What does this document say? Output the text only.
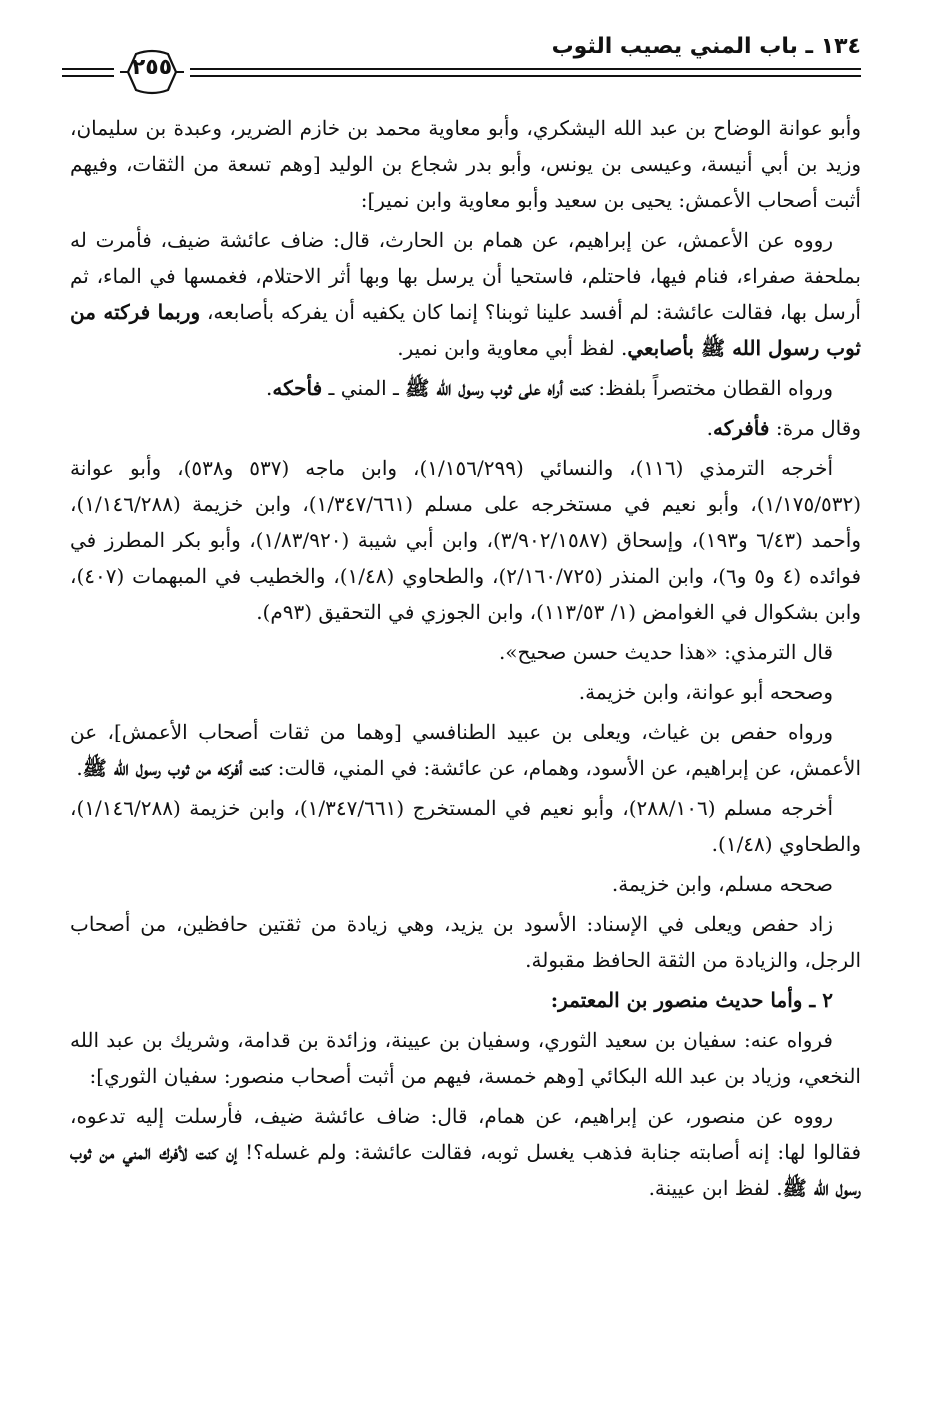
١٣٤ ـ باب المني يصيب الثوب
٢٥٥

وأبو عوانة الوضاح بن عبد الله اليشكري، وأبو معاوية محمد بن خازم الضرير، وعبدة بن سليمان، وزيد بن أبي أنيسة، وعيسى بن يونس، وأبو بدر شجاع بن الوليد [وهم تسعة من الثقات، وفيهم أثبت أصحاب الأعمش: يحيى بن سعيد وأبو معاوية وابن نمير]:

رووه عن الأعمش، عن إبراهيم، عن همام بن الحارث، قال: ضاف عائشة ضيف، فأمرت له بملحفة صفراء، فنام فيها، فاحتلم، فاستحيا أن يرسل بها وبها أثر الاحتلام، فغمسها في الماء، ثم أرسل بها، فقالت عائشة: لم أفسد علينا ثوبنا؟ إنما كان يكفيه أن يفركه بأصابعه، وربما فركته من ثوب رسول الله ﷺ بأصابعي. لفظ أبي معاوية وابن نمير.

ورواه القطان مختصراً بلفظ: كنت أراه على ثوب رسول الله ﷺ ـ المني ـ فأحكه.

وقال مرة: فأفركه.

أخرجه الترمذي (١١٦)، والنسائي (١/١٥٦/٢٩٩)، وابن ماجه (٥٣٧ و٥٣٨)، وأبو عوانة (١/١٧٥/٥٣٢)، وأبو نعيم في مستخرجه على مسلم (١/٣٤٧/٦٦١)، وابن خزيمة (١/١٤٦/٢٨٨)، وأحمد (٦/٤٣ و١٩٣)، وإسحاق (٣/٩٠٢/١٥٨٧)، وابن أبي شيبة (١/٨٣/٩٢٠)، وأبو بكر المطرز في فوائده (٤ و٥ و٦)، وابن المنذر (٢/١٦٠/٧٢٥)، والطحاوي (١/٤٨)، والخطيب في المبهمات (٤٠٧)، وابن بشكوال في الغوامض (١/ ١١٣/٥٣)، وابن الجوزي في التحقيق (٩٣م).

قال الترمذي: «هذا حديث حسن صحيح».

وصححه أبو عوانة، وابن خزيمة.

ورواه حفص بن غياث، ويعلى بن عبيد الطنافسي [وهما من ثقات أصحاب الأعمش]، عن الأعمش، عن إبراهيم، عن الأسود، وهمام، عن عائشة: في المني، قالت: كنت أفركه من ثوب رسول الله ﷺ.

أخرجه مسلم (٢٨٨/١٠٦)، وأبو نعيم في المستخرج (١/٣٤٧/٦٦١)، وابن خزيمة (١/١٤٦/٢٨٨)، والطحاوي (١/٤٨).

صححه مسلم، وابن خزيمة.

زاد حفص ويعلى في الإسناد: الأسود بن يزيد، وهي زيادة من ثقتين حافظين، من أصحاب الرجل، والزيادة من الثقة الحافظ مقبولة.

٢ ـ وأما حديث منصور بن المعتمر:

فرواه عنه: سفيان بن سعيد الثوري، وسفيان بن عيينة، وزائدة بن قدامة، وشريك بن عبد الله النخعي، وزياد بن عبد الله البكائي [وهم خمسة، فيهم من أثبت أصحاب منصور: سفيان الثوري]:

رووه عن منصور، عن إبراهيم، عن همام، قال: ضاف عائشة ضيف، فأرسلت إليه تدعوه، فقالوا لها: إنه أصابته جنابة فذهب يغسل ثوبه، فقالت عائشة: ولم غسله؟! إن كنت لأفرك المني من ثوب رسول الله ﷺ. لفظ ابن عيينة.
